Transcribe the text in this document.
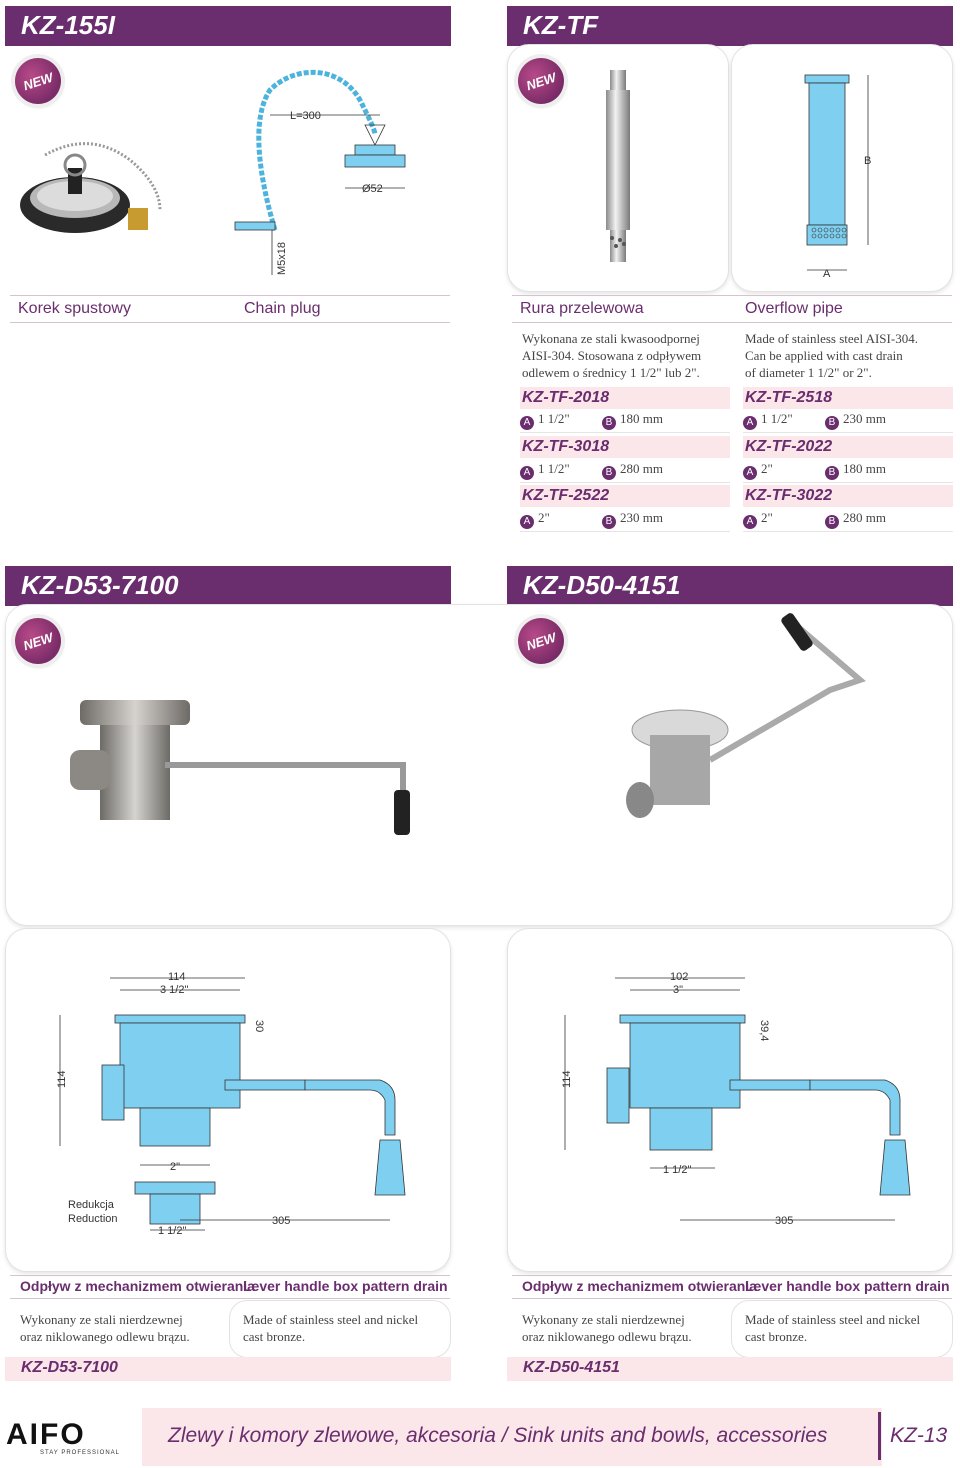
KZ-155I	KZ-TF
NEW
L=300
Ø52
M5x18
Korek spustowy	Chain plug
NEW
B
A
Rura przelewowa	Overflow pipe
Wykonana ze stali kwasoodpornej
AISI-304. Stosowana z odpływem
odlewem o średnicy 1 1/2" lub 2".
Made of stainless steel AISI-304.
Can be applied with cast drain
of diameter 1 1/2" or 2".
KZ-TF-2018	KZ-TF-2518
A 1 1/2"	B 180 mm	A 1 1/2"	B 230 mm
KZ-TF-3018	KZ-TF-2022
A 1 1/2"	B 280 mm	A 2"	B 180 mm
KZ-TF-2522	KZ-TF-3022
A 2"	B 230 mm	A 2"	B 280 mm
KZ-D53-7100	KZ-D50-4151
NEW	NEW
114
3 1/2"
30
114
2"
Redukcja
Reduction
1 1/2"
305
102
3"
39,4
114
1 1/2"
305
Odpływ z mechanizmem otwierania
Lever handle box pattern drain	Odpływ z mechanizmem otwierania
Lever handle box pattern drain
Wykonany ze stali nierdzewnej
oraz niklowanego odlewu brązu.
Made of stainless steel and nickel
cast bronze.
Wykonany ze stali nierdzewnej
oraz niklowanego odlewu brązu.
Made of stainless steel and nickel
cast bronze.
KZ-D53-7100	KZ-D50-4151
AIFO
STAY PROFESSIONAL
Zlewy i komory zlewowe, akcesoria / Sink units and bowls, accessories	KZ-13
